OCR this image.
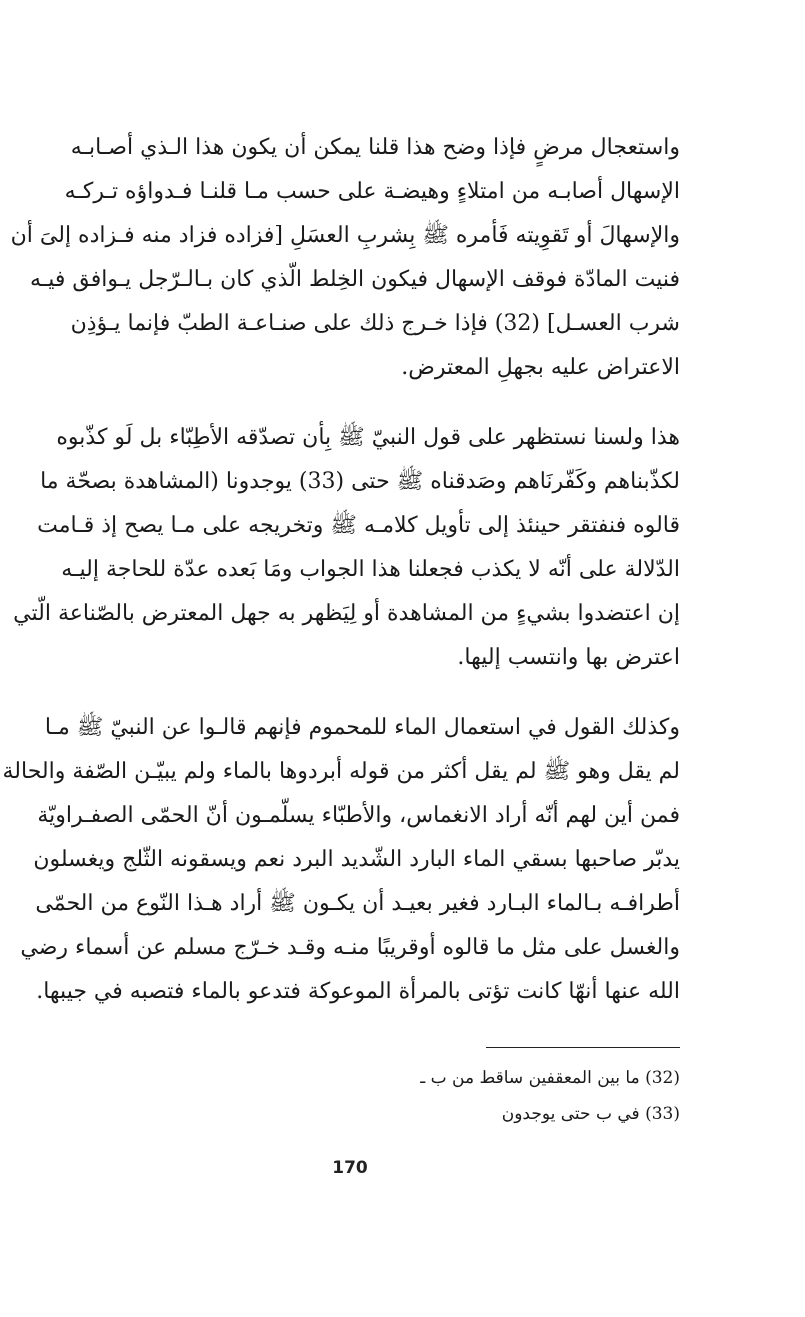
واستعجال مرضٍ فإذا وضح هذا قلنا يمكن أن يكون هذا الـذي أصـابـه
الإسهال أصابـه من امتلاءٍ وهيضـة على حسب مـا قلنـا فـدواؤه تـركـه
والإسهالَ أو تَقوِيته فَأمره ﷺ بِشربِ العسَلِ [فزاده فزاد منه فـزاده إلىَ أن
فنيت المادّة فوقف الإسهال فيكون الخِلط الّذي كان بـالـرّجل يـوافق فيـه
شرب العسـل] (32) فإذا خـرج ذلك على صنـاعـة الطبّ فإنما يـؤذِن
الاعتراض عليه بجهلِ المعترض.
هذا ولسنا نستظهر على قول النبيّ ﷺ بِأن تصدّقه الأطِبّاء بل لَو كذّبوه
لكذّبناهم وكَفّرنَاهم وصَدقناه ﷺ حتى (33) يوجدونا (المشاهدة بصحّة ما
قالوه فنفتقر حينئذ إلى تأويل كلامـه ﷺ وتخريجه على مـا يصح إذ قـامت
الدّلالة على أنّه لا يكذب فجعلنا هذا الجواب ومَا بَعده عدّة للحاجة إليـه
إن اعتضدوا بشيءٍ من المشاهدة أو لِيَظهر به جهل المعترض بالصّناعة الّتي
اعترض بها وانتسب إليها.
وكذلك القول في استعمال الماء للمحموم فإنهم قالـوا عن النبيّ ﷺ مـا
لم يقل وهو ﷺ لم يقل أكثر من قوله أبردوها بالماء ولم يبيّـن الصّفة والحالة
فمن أين لهم أنّه أراد الانغماس، والأطبّاء يسلّمـون أنّ الحمّى الصفـراويّة
يدبّر صاحبها بسقي الماء البارد الشّديد البرد نعم ويسقونه الثّلج ويغسلون
أطرافـه بـالماء البـارد فغير بعيـد أن يكـون ﷺ أراد هـذا النّوع من الحمّى
والغسل على مثل ما قالوه أوقريبًا منـه وقـد خـرّج مسلم عن أسماء رضي
الله عنها أنهّا كانت تؤتى بالمرأة الموعوكة فتدعو بالماء فتصبه في جيبها.
(32) ما بين المعقفين ساقط من ب ـ
(33) في ب حتى يوجدون
170
